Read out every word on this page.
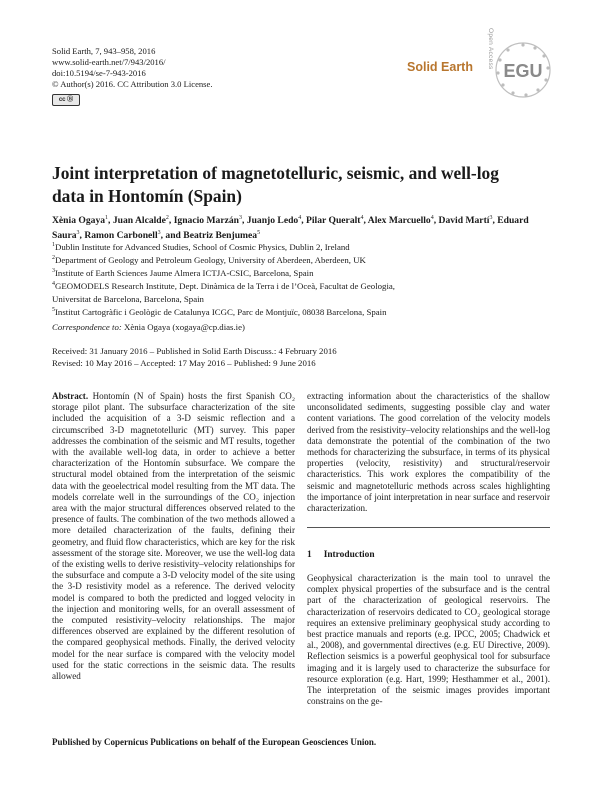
Solid Earth, 7, 943–958, 2016
www.solid-earth.net/7/943/2016/
doi:10.5194/se-7-943-2016
© Author(s) 2016. CC Attribution 3.0 License.
cc Ⓑ
Solid Earth	Open Access
EGU
Joint interpretation of magnetotelluric, seismic, and well-log data in Hontomín (Spain)
Xènia Ogaya$^1$, Juan Alcalde$^2$, Ignacio Marzán$^3$, Juanjo Ledo$^4$, Pilar Queralt$^4$, Alex Marcuello$^4$, David Martí$^3$, Eduard Saura$^3$, Ramon Carbonell$^3$, and Beatriz Benjumea$^5$
$^1$Dublin Institute for Advanced Studies, School of Cosmic Physics, Dublin 2, Ireland
$^2$Department of Geology and Petroleum Geology, University of Aberdeen, Aberdeen, UK
$^3$Institute of Earth Sciences Jaume Almera ICTJA-CSIC, Barcelona, Spain
$^4$GEOMODELS Research Institute, Dept. Dinàmica de la Terra i de l’Oceà, Facultat de Geologia,
Universitat de Barcelona, Barcelona, Spain
$^5$Institut Cartogràfic i Geològic de Catalunya ICGC, Parc de Montjuïc, 08038 Barcelona, Spain
Correspondence to: Xènia Ogaya (xogaya@cp.dias.ie)
Received: 31 January 2016 – Published in Solid Earth Discuss.: 4 February 2016
Revised: 10 May 2016 – Accepted: 17 May 2016 – Published: 9 June 2016
Abstract. Hontomín (N of Spain) hosts the first Spanish CO₂ storage pilot plant. The subsurface characterization of the site included the acquisition of a 3-D seismic reflection and a circumscribed 3-D magnetotelluric (MT) survey. This paper addresses the combination of the seismic and MT results, together with the available well-log data, in order to achieve a better characterization of the Hontomín subsurface. We compare the structural model obtained from the interpretation of the seismic data with the geoelectrical model resulting from the MT data. The models correlate well in the surroundings of the CO₂ injection area with the major structural differences observed related to the presence of faults. The combination of the two methods allowed a more detailed characterization of the faults, defining their geometry, and fluid flow characteristics, which are key for the risk assessment of the storage site. Moreover, we use the well-log data of the existing wells to derive resistivity–velocity relationships for the subsurface and compute a 3-D velocity model of the site using the 3-D resistivity model as a reference. The derived velocity model is compared to both the predicted and logged velocity in the injection and monitoring wells, for an overall assessment of the computed resistivity–velocity relationships. The major differences observed are explained by the different resolution of the compared geophysical methods. Finally, the derived velocity model for the near surface is compared with the velocity model used for the static corrections in the seismic data. The results allowed
extracting information about the characteristics of the shallow unconsolidated sediments, suggesting possible clay and water content variations. The good correlation of the velocity models derived from the resistivity–velocity relationships and the well-log data demonstrate the potential of the combination of the two methods for characterizing the subsurface, in terms of its physical properties (velocity, resistivity) and structural/reservoir characteristics. This work explores the compatibility of the seismic and magnetotelluric methods across scales highlighting the importance of joint interpretation in near surface and reservoir characterization.
1 Introduction
Geophysical characterization is the main tool to unravel the complex physical properties of the subsurface and is the central part of the characterization of geological reservoirs. The characterization of reservoirs dedicated to CO₂ geological storage requires an extensive preliminary geophysical study according to best practice manuals and reports (e.g. IPCC, 2005; Chadwick et al., 2008), and governmental directives (e.g. EU Directive, 2009). Reflection seismics is a powerful geophysical tool for subsurface imaging and it is largely used to characterize the subsurface for resource exploration (e.g. Hart, 1999; Hesthammer et al., 2001). The interpretation of the seismic images provides important constrains on the ge-
Published by Copernicus Publications on behalf of the European Geosciences Union.
